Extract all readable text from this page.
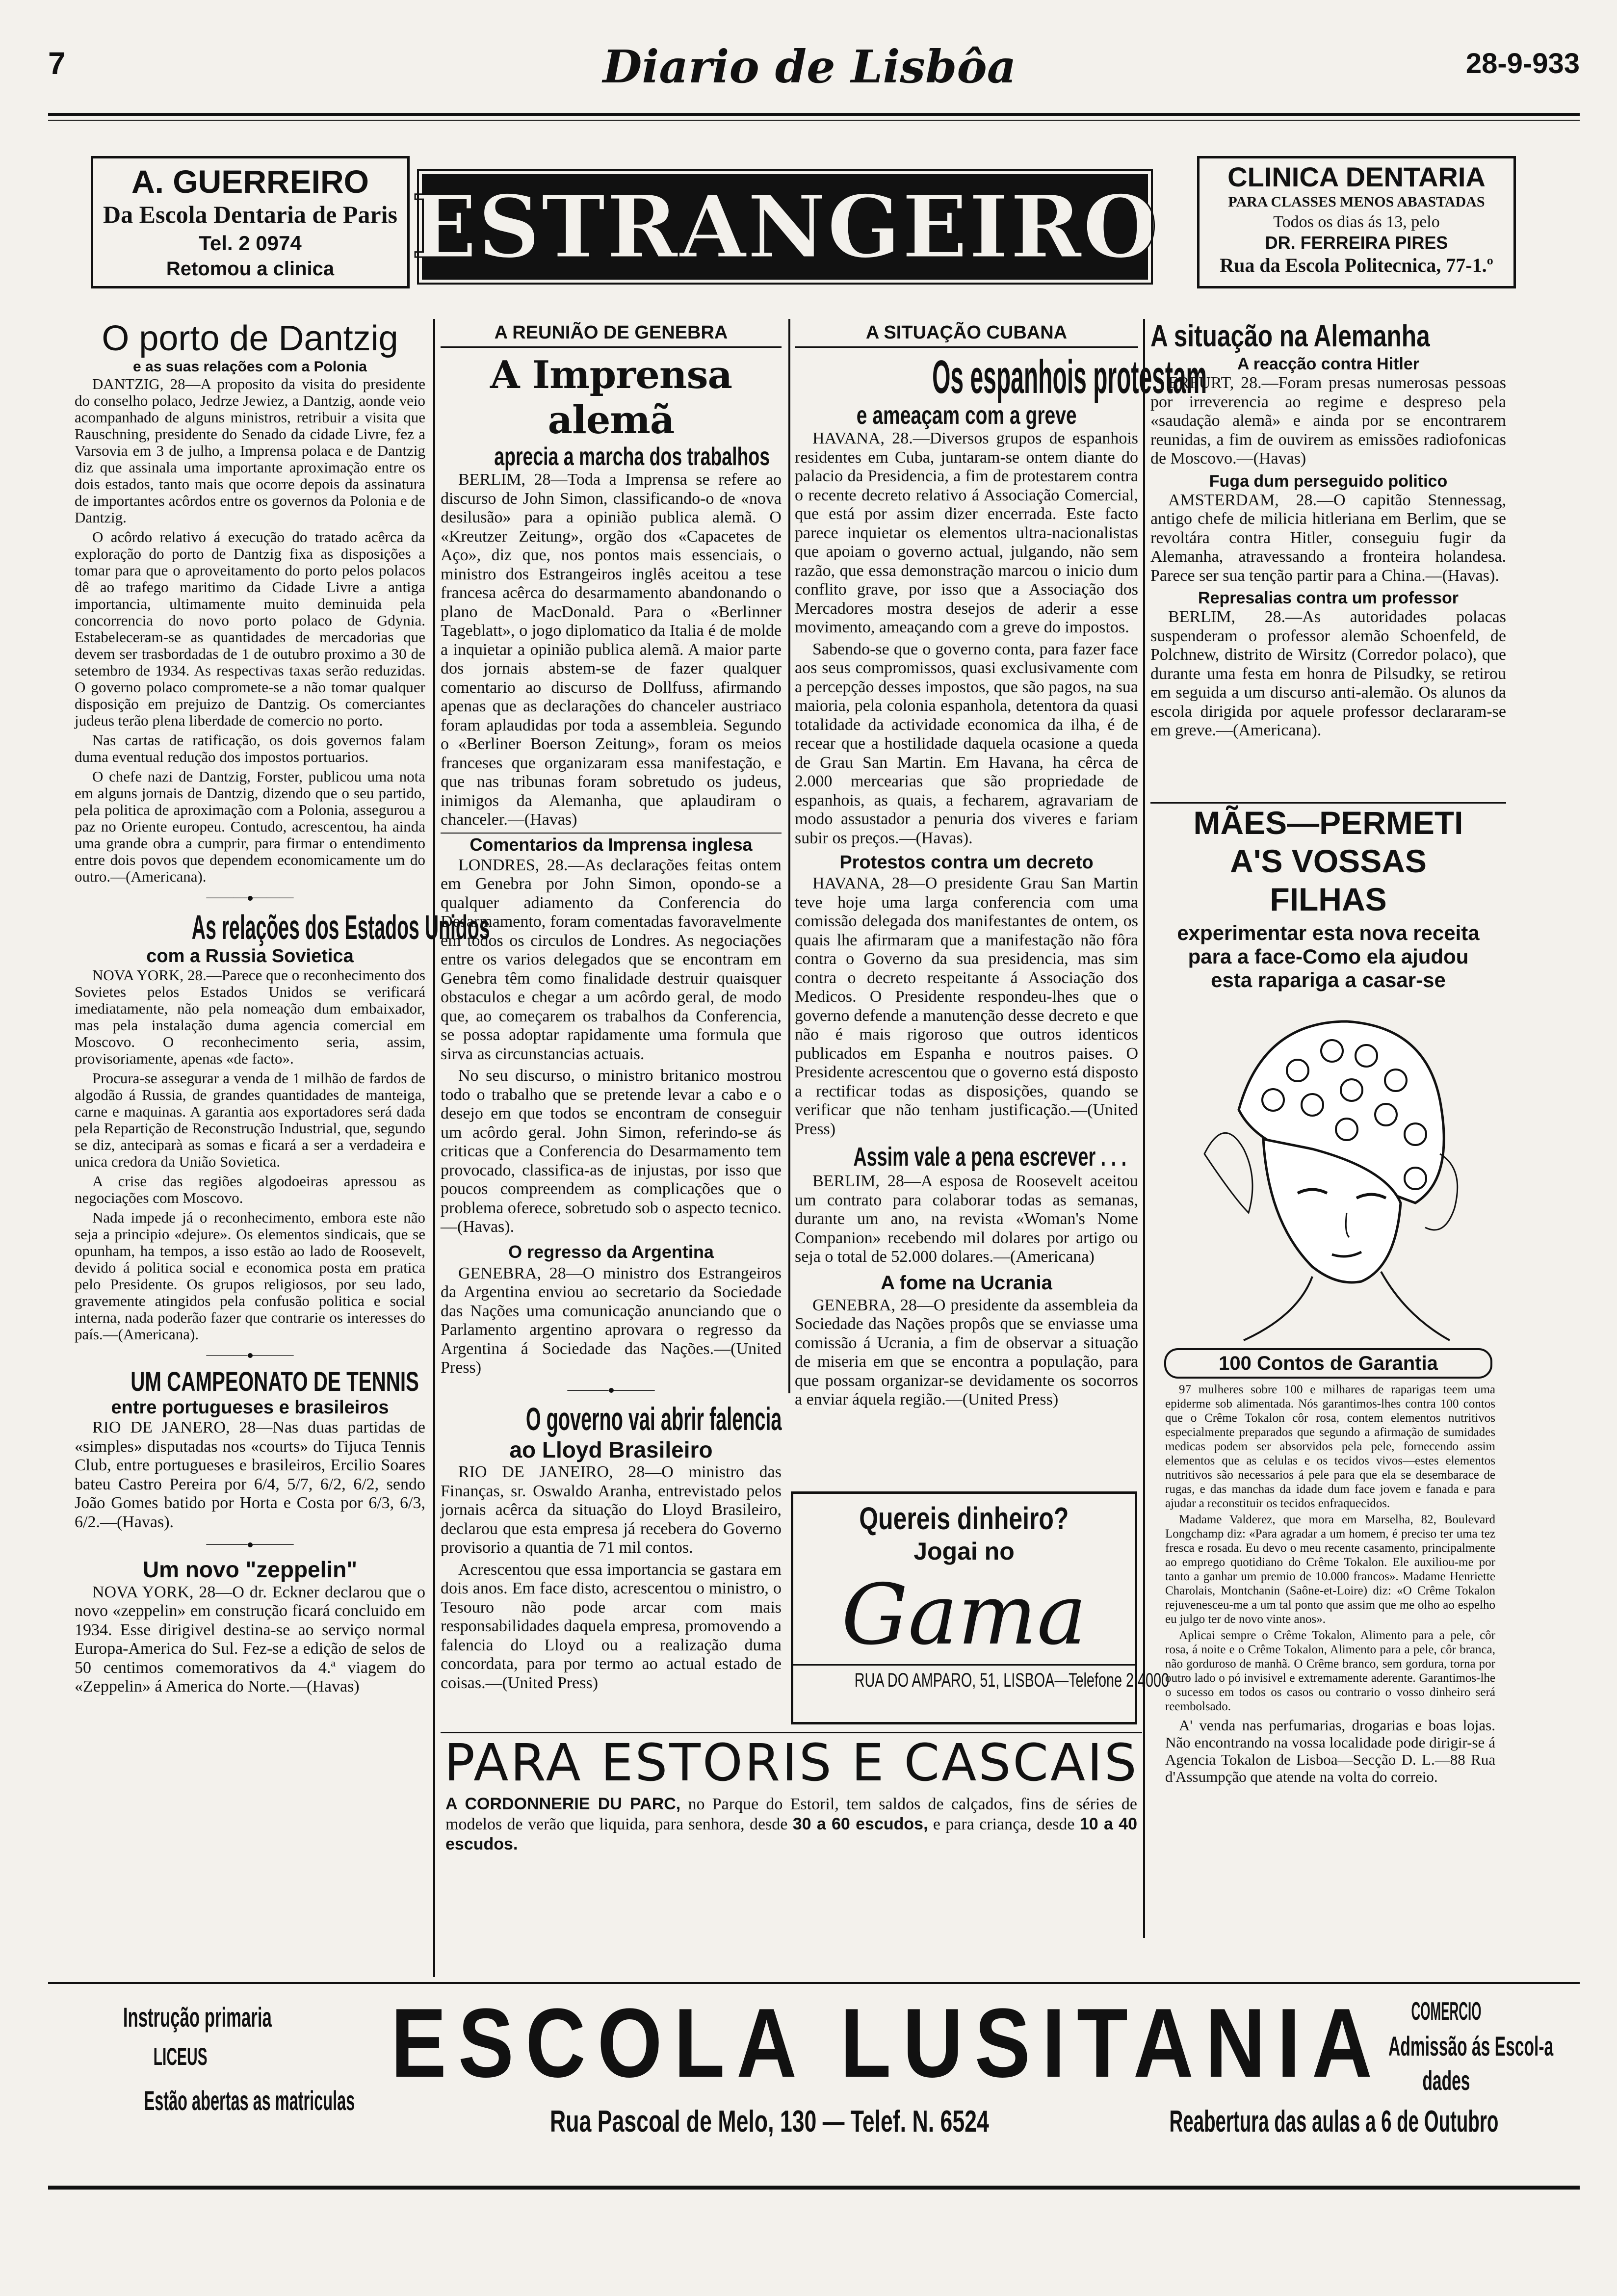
7	Diario de Lisbôa	28-9-933
A. GUERREIRO
Da Escola Dentaria de Paris
Tel. 2 0974
Retomou a clinica ESTRANGEIRO	CLINICA DENTARIA
PARA CLASSES MENOS ABASTADAS
Todos os dias ás 13, pelo
DR. FERREIRA PIRES
Rua da Escola Politecnica, 77-1.º
O porto de Dantzig
e as suas relações com a Polonia

DANTZIG, 28—A proposito da visita do presidente do conselho polaco, Jedrze Jewiez, a Dantzig, aonde veio acompanhado de alguns ministros, retribuir a visita que Rauschning, presidente do Senado da cidade Livre, fez a Varsovia em 3 de julho, a Imprensa polaca e de Dantzig diz que assinala uma importante aproximação entre os dois estados, tanto mais que ocorre depois da assinatura de importantes acôrdos entre os governos da Polonia e de Dantzig.

O acôrdo relativo á execução do tratado acêrca da exploração do porto de Dantzig fixa as disposições a tomar para que o aproveitamento do porto pelos polacos dê ao trafego maritimo da Cidade Livre a antiga importancia, ultimamente muito deminuida pela concorrencia do novo porto polaco de Gdynia. Estabeleceram-se as quantidades de mercadorias que devem ser trasbordadas de 1 de outubro proximo a 30 de setembro de 1934. As respectivas taxas serão reduzidas. O governo polaco compromete-se a não tomar qualquer disposição em prejuizo de Dantzig. Os comerciantes judeus terão plena liberdade de comercio no porto.

Nas cartas de ratificação, os dois governos falam duma eventual redução dos impostos portuarios.

O chefe nazi de Dantzig, Forster, publicou uma nota em alguns jornais de Dantzig, dizendo que o seu partido, pela politica de aproximação com a Polonia, assegurou a paz no Oriente europeu. Contudo, acrescentou, ha ainda uma grande obra a cumprir, para firmar o entendimento entre dois povos que dependem economicamente um do outro.—(Americana).

——— ———
As relações dos Estados Unidos
com a Russia Sovietica

NOVA YORK, 28.—Parece que o reconhecimento dos Sovietes pelos Estados Unidos se verificará imediatamente, não pela nomeação dum embaixador, mas pela instalação duma agencia comercial em Moscovo. O reconhecimento seria, assim, provisoriamente, apenas «de facto».

Procura-se assegurar a venda de 1 milhão de fardos de algodão á Russia, de grandes quantidades de manteiga, carne e maquinas. A garantia aos exportadores será dada pela Repartição de Reconstrução Industrial, que, segundo se diz, anteciparà as somas e ficará a ser a verdadeira e unica credora da União Sovietica.

A crise das regiões algodoeiras apressou as negociações com Moscovo.

Nada impede já o reconhecimento, embora este não seja a principio «dejure». Os elementos sindicais, que se opunham, ha tempos, a isso estão ao lado de Roosevelt, devido á politica social e economica posta em pratica pelo Presidente. Os grupos religiosos, por seu lado, gravemente atingidos pela confusão politica e social interna, nada poderão fazer que contrarie os interesses do país.—(Americana).

——— ———
UM CAMPEONATO DE TENNIS
entre portugueses e brasileiros

RIO DE JANERO, 28—Nas duas partidas de «simples» disputadas nos «courts» do Tijuca Tennis Club, entre portugueses e brasileiros, Ercilio Soares bateu Castro Pereira por 6/4, 5/7, 6/2, 6/2, sendo João Gomes batido por Horta e Costa por 6/3, 6/3, 6/2.—(Havas).

——— ———
Um novo "zeppelin"

NOVA YORK, 28—O dr. Eckner declarou que o novo «zeppelin» em construção ficará concluido em 1934. Esse dirigivel destina-se ao serviço normal Europa-America do Sul. Fez-se a edição de selos de 50 centimos comemorativos da 4.ª viagem do «Zeppelin» á America do Norte.—(Havas)

A REUNIÃO DE GENEBRA
A Imprensa alemã
aprecia a marcha dos trabalhos

BERLIM, 28—Toda a Imprensa se refere ao discurso de John Simon, classificando-o de «nova desilusão» para a opinião publica alemã. O «Kreutzer Zeitung», orgão dos «Capacetes de Aço», diz que, nos pontos mais essenciais, o ministro dos Estrangeiros inglês aceitou a tese francesa acêrca do desarmamento abandonando o plano de MacDonald. Para o «Berlinner Tageblatt», o jogo diplomatico da Italia é de molde a inquietar a opinião publica alemã. A maior parte dos jornais abstem-se de fazer qualquer comentario ao discurso de Dollfuss, afirmando apenas que as declarações do chanceler austriaco foram aplaudidas por toda a assembleia. Segundo o «Berliner Boerson Zeitung», foram os meios franceses que organizaram essa manifestação, e que nas tribunas foram sobretudo os judeus, inimigos da Alemanha, que aplaudiram o chanceler.—(Havas)

Comentarios da Imprensa inglesa

LONDRES, 28.—As declarações feitas ontem em Genebra por John Simon, opondo-se a qualquer adiamento da Conferencia do Desarmamento, foram comentadas favoravelmente em todos os circulos de Londres. As negociações entre os varios delegados que se encontram em Genebra têm como finalidade destruir quaisquer obstaculos e chegar a um acôrdo geral, de modo que, ao começarem os trabalhos da Conferencia, se possa adoptar rapidamente uma formula que sirva as circunstancias actuais.

No seu discurso, o ministro britanico mostrou todo o trabalho que se pretende levar a cabo e o desejo em que todos se encontram de conseguir um acôrdo geral. John Simon, referindo-se ás criticas que a Conferencia do Desarmamento tem provocado, classifica-as de injustas, por isso que poucos compreendem as complicações que o problema oferece, sobretudo sob o aspecto tecnico.—(Havas).

O regresso da Argentina

GENEBRA, 28—O ministro dos Estrangeiros da Argentina enviou ao secretario da Sociedade das Nações uma comunicação anunciando que o Parlamento argentino aprovara o regresso da Argentina á Sociedade das Nações.—(United Press)

——— ———
O governo vai abrir falencia
ao Lloyd Brasileiro

RIO DE JANEIRO, 28—O ministro das Finanças, sr. Oswaldo Aranha, entrevistado pelos jornais acêrca da situação do Lloyd Brasileiro, declarou que esta empresa já recebera do Governo provisorio a quantia de 71 mil contos.

Acrescentou que essa importancia se gastara em dois anos. Em face disto, acrescentou o ministro, o Tesouro não pode arcar com mais responsabilidades daquela empresa, promovendo a falencia do Lloyd ou a realização duma concordata, para por termo ao actual estado de coisas.—(United Press)

A SITUAÇÃO CUBANA
Os espanhois protestam
e ameaçam com a greve

HAVANA, 28.—Diversos grupos de espanhois residentes em Cuba, juntaram-se ontem diante do palacio da Presidencia, a fim de protestarem contra o recente decreto relativo á Associação Comercial, que está por assim dizer encerrada. Este facto parece inquietar os elementos ultra-nacionalistas que apoiam o governo actual, julgando, não sem razão, que essa demonstração marcou o inicio dum conflito grave, por isso que a Associação dos Mercadores mostra desejos de aderir a esse movimento, ameaçando com a greve do impostos.

Sabendo-se que o governo conta, para fazer face aos seus compromissos, quasi exclusivamente com a percepção desses impostos, que são pagos, na sua maioria, pela colonia espanhola, detentora da quasi totalidade da actividade economica da ilha, é de recear que a hostilidade daquela ocasione a queda de Grau San Martin. Em Havana, ha cêrca de 2.000 mercearias que são propriedade de espanhois, as quais, a fecharem, agravariam de modo assustador a penuria dos viveres e fariam subir os preços.—(Havas).

Protestos contra um decreto

HAVANA, 28—O presidente Grau San Martin teve hoje uma larga conferencia com uma comissão delegada dos manifestantes de ontem, os quais lhe afirmaram que a manifestação não fôra contra o Governo da sua presidencia, mas sim contra o decreto respeitante á Associação dos Medicos. O Presidente respondeu-lhes que o governo defende a manutenção desse decreto e que não é mais rigoroso que outros identicos publicados em Espanha e noutros paises. O Presidente acrescentou que o governo está disposto a rectificar todas as disposições, quando se verificar que não tenham justificação.—(United Press)

Assim vale a pena escrever . . .

BERLIM, 28—A esposa de Roosevelt aceitou um contrato para colaborar todas as semanas, durante um ano, na revista «Woman's Nome Companion» recebendo mil dolares por artigo ou seja o total de 52.000 dolares.—(Americana)

A fome na Ucrania

GENEBRA, 28—O presidente da assembleia da Sociedade das Nações propôs que se enviasse uma comissão á Ucrania, a fim de observar a situação de miseria em que se encontra a população, para que possam organizar-se devidamente os socorros a enviar áquela região.—(United Press)

Quereis dinheiro?
Jogai no
Gama
RUA DO AMPARO, 51, LISBOA—Telefone 2 4000
A situação na Alemanha
A reacção contra Hitler

ERFURT, 28.—Foram presas numerosas pessoas por irreverencia ao regime e despreso pela «saudação alemã» e ainda por se encontrarem reunidas, a fim de ouvirem as emissões radiofonicas de Moscovo.—(Havas)

Fuga dum perseguido politico

AMSTERDAM, 28.—O capitão Stennessag, antigo chefe de milicia hitleriana em Berlim, que se revoltára contra Hitler, conseguiu fugir da Alemanha, atravessando a fronteira holandesa. Parece ser sua tenção partir para a China.—(Havas).

Represalias contra um professor

BERLIM, 28.—As autoridades polacas suspenderam o professor alemão Schoenfeld, de Polchnew, distrito de Wirsitz (Corredor polaco), que durante uma festa em honra de Pilsudky, se retirou em seguida a um discurso anti-alemão. Os alunos da escola dirigida por aquele professor declararam-se em greve.—(Americana).

MÃES—PERMETI A'S VOSSAS FILHAS
experimentar esta nova receita para a face-Como ela ajudou esta rapariga a casar-se
100 Contos de Garantia

97 mulheres sobre 100 e milhares de raparigas teem uma epiderme sob alimentada. Nós garantimos-lhes contra 100 contos que o Crême Tokalon côr rosa, contem elementos nutritivos especialmente preparados que segundo a afirmação de sumidades medicas podem ser absorvidos pela pele, fornecendo assim elementos que as celulas e os tecidos vivos—estes elementos nutritivos são necessarios á pele para que ela se desembarace de rugas, e das manchas da idade dum face jovem e fanada e para ajudar a reconstituir os tecidos enfraquecidos.

Madame Valderez, que mora em Marselha, 82, Boulevard Longchamp diz: «Para agradar a um homem, é preciso ter uma tez fresca e rosada. Eu devo o meu recente casamento, principalmente ao emprego quotidiano do Crême Tokalon. Ele auxiliou-me por tanto a ganhar um premio de 10.000 francos». Madame Henriette Charolais, Montchanin (Saône-et-Loire) diz: «O Crême Tokalon rejuvenesceu-me a um tal ponto que assim que me olho ao espelho eu julgo ter de novo vinte anos».

Aplicai sempre o Crême Tokalon, Alimento para a pele, côr rosa, á noite e o Crême Tokalon, Alimento para a pele, côr branca, não gorduroso de manhã. O Crême branco, sem gordura, torna por outro lado o pó invisivel e extremamente aderente. Garantimos-lhe o sucesso em todos os casos ou contrario o vosso dinheiro será reembolsado.

A' venda nas perfumarias, drogarias e boas lojas. Não encontrando na vossa localidade pode dirigir-se á Agencia Tokalon de Lisboa—Secção D. L.—88 Rua d'Assumpção que atende na volta do correio.

PARA ESTORIS E CASCAIS
A CORDONNERIE DU PARC, no Parque do Estoril, tem saldos de calçados, fins de séries de modelos de verão que liquida, para senhora, desde 30 a 60 escudos, e para criança, desde 10 a 40 escudos.
Instrução primaria
LICEUS
Estão abertas as matriculas
ESCOLA LUSITANIA	COMERCIO
Admissão ás Escol-a
dades
Rua Pascoal de Melo, 130 — Telef. N. 6524	Reabertura das aulas a 6 de Outubro
